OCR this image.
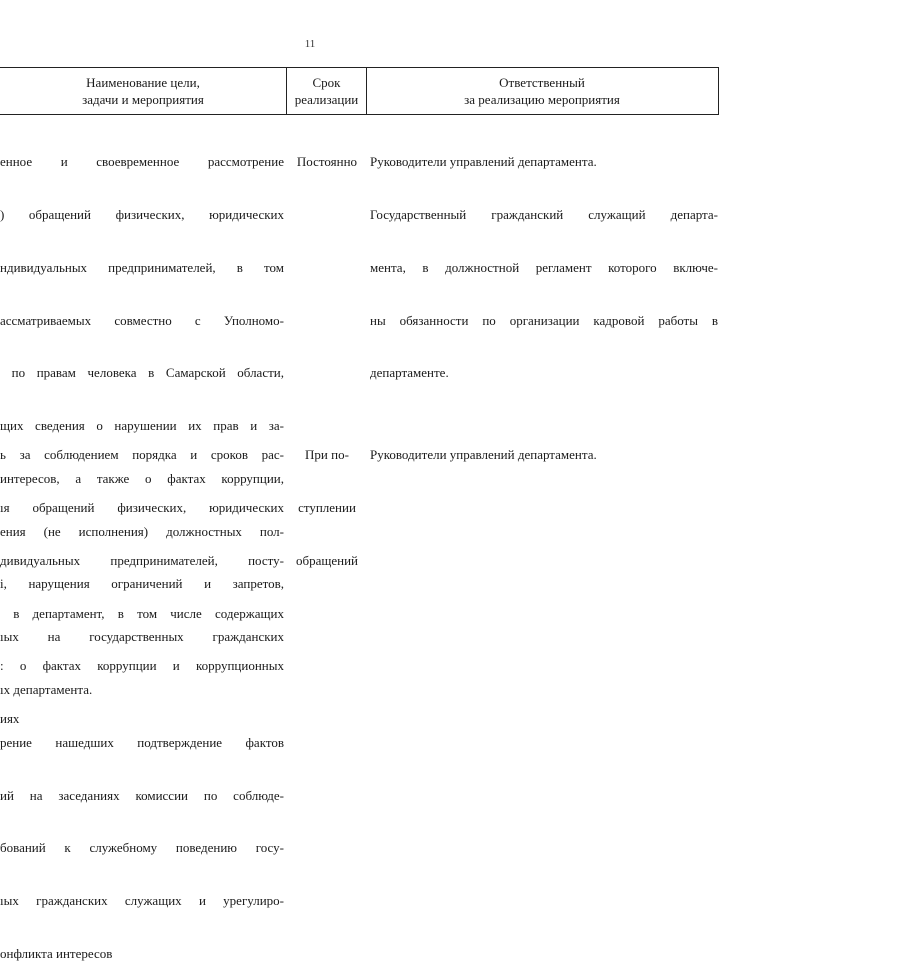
11
Наименование цели,
задачи и мероприятия
Срок
реализации
Ответственный
за реализацию мероприятия

енное   и   своевременное   рассмотрение

) обращений физических, юридических

ндивидуальных предпринимателей, в том

ассматриваемых совместно с Уполномо-

по правам человека в Самарской области,

щих сведения о нарушении их прав и за-

интересов, а также о фактах коррупции,

ения (не исполнения) должностных пол-

i, нарущения ограничений и запретов,

ıых на государственных гражданских

ıх департамента.

рение нашедших подтверждение фактов

ий на заседаниях комиссии по соблюде-

бований к служебному поведению госу-

ıых гражданских служащих и урегулиро-

онфликта интересов

Постоянно

Руководители управлений департамента.

Государственный гражданский служащий департа-

мента, в должностной регламент которого включе-

ны обязанности по организации кадровой работы в

департаменте.

ь за соблюдением порядка и сроков рас-

ıя обращений физических, юридических

дивидуальных предпринимателей, посту-

в департамент, в том числе содержащих

: о фактах коррупции и коррупционных

иях

При по-

ступлении

обращений

Руководители управлений департамента.
